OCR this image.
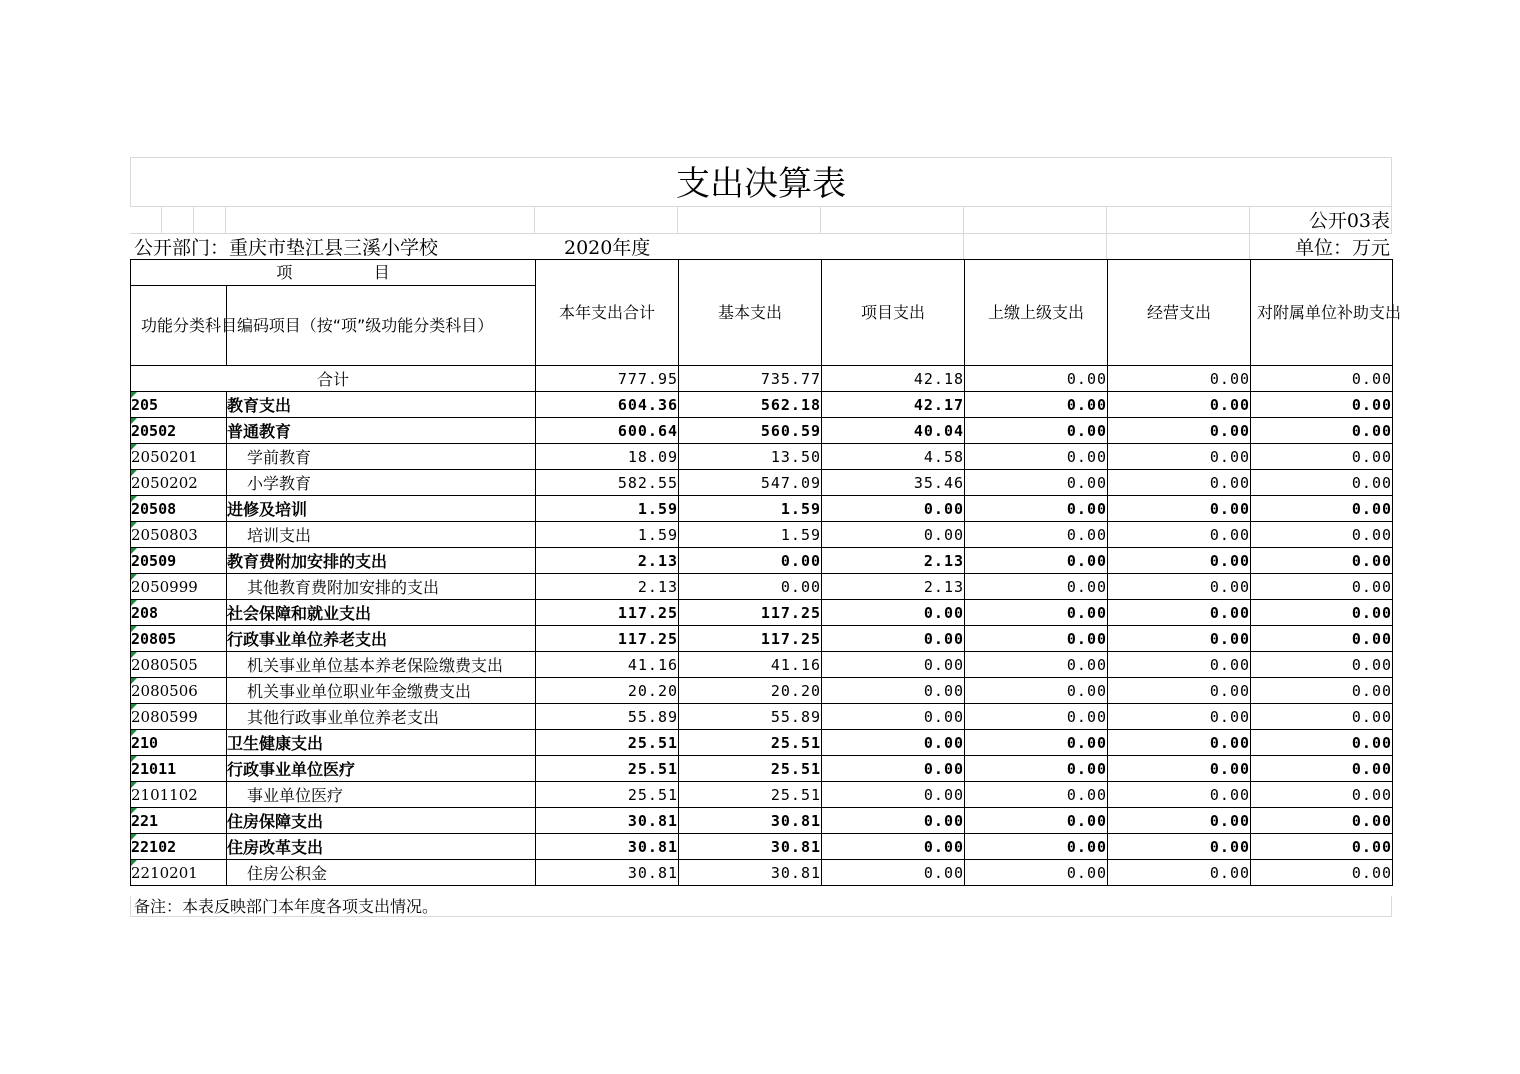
支出决算表
公开03表
公开部门：重庆市垫江县三溪小学校	2020年度	单位：万元
项                目		本年支出合计	基本支出	项目支出	上缴上级支出	经营支出	对附属单位补助支出
功能分类科目编码	项目（按“项”级功能分类科目）						
合计		777.95	735.77	42.18	0.00	0.00	0.00
205	教育支出	604.36	562.18	42.17	0.00	0.00	0.00
20502	普通教育	600.64	560.59	40.04	0.00	0.00	0.00
2050201	学前教育	18.09	13.50	4.58	0.00	0.00	0.00
2050202	小学教育	582.55	547.09	35.46	0.00	0.00	0.00
20508	进修及培训	1.59	1.59	0.00	0.00	0.00	0.00
2050803	培训支出	1.59	1.59	0.00	0.00	0.00	0.00
20509	教育费附加安排的支出	2.13	0.00	2.13	0.00	0.00	0.00
2050999	其他教育费附加安排的支出	2.13	0.00	2.13	0.00	0.00	0.00
208	社会保障和就业支出	117.25	117.25	0.00	0.00	0.00	0.00
20805	行政事业单位养老支出	117.25	117.25	0.00	0.00	0.00	0.00
2080505	机关事业单位基本养老保险缴费支出	41.16	41.16	0.00	0.00	0.00	0.00
2080506	机关事业单位职业年金缴费支出	20.20	20.20	0.00	0.00	0.00	0.00
2080599	其他行政事业单位养老支出	55.89	55.89	0.00	0.00	0.00	0.00
210	卫生健康支出	25.51	25.51	0.00	0.00	0.00	0.00
21011	行政事业单位医疗	25.51	25.51	0.00	0.00	0.00	0.00
2101102	事业单位医疗	25.51	25.51	0.00	0.00	0.00	0.00
221	住房保障支出	30.81	30.81	0.00	0.00	0.00	0.00
22102	住房改革支出	30.81	30.81	0.00	0.00	0.00	0.00
2210201	住房公积金	30.81	30.81	0.00	0.00	0.00	0.00
备注：本表反映部门本年度各项支出情况。
